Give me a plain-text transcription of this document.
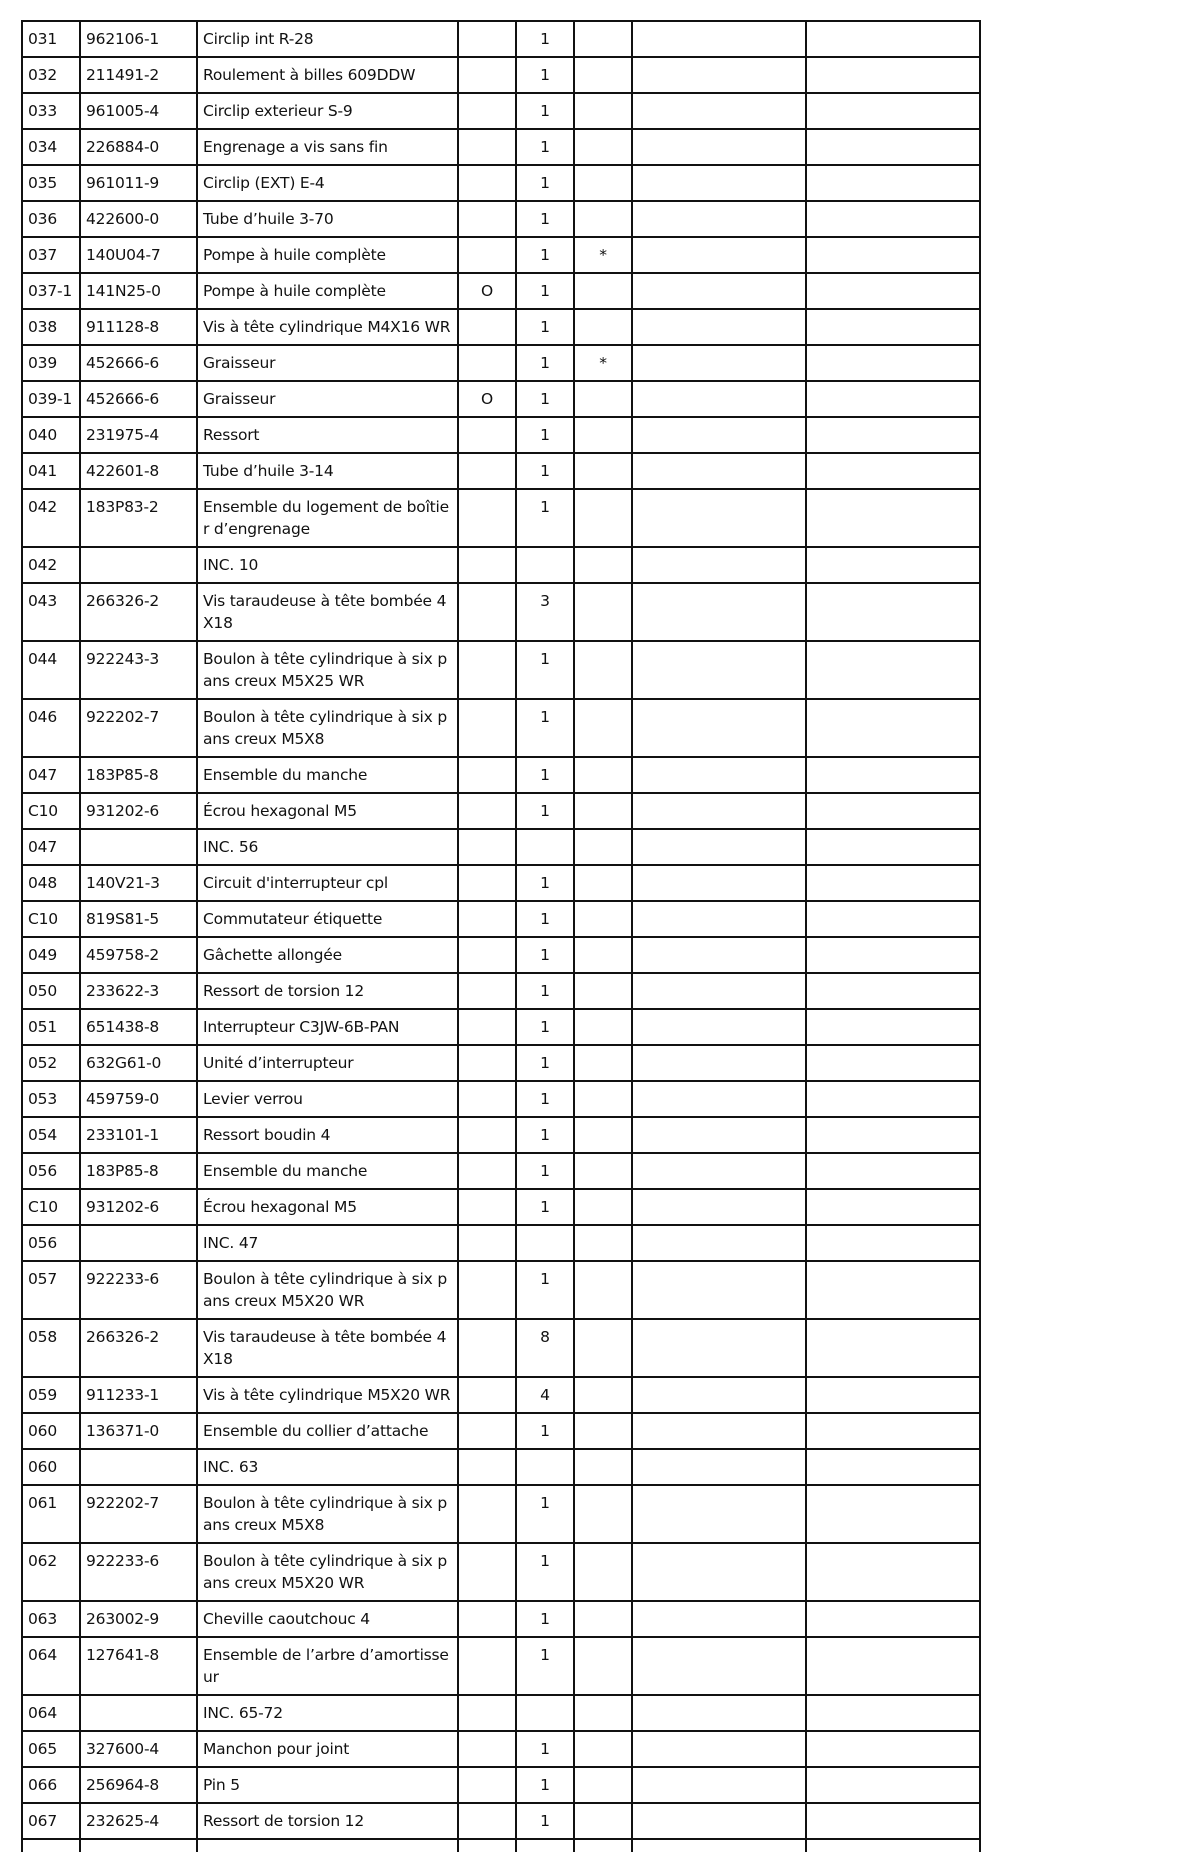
031	962106-1	Circlip int R-28		1			
032	211491-2	Roulement à billes 609DDW		1			
033	961005-4	Circlip exterieur S-9		1			
034	226884-0	Engrenage a vis sans fin		1			
035	961011-9	Circlip (EXT) E-4		1			
036	422600-0	Tube d’huile 3-70		1			
037	140U04-7	Pompe à huile complète		1	*		
037-1	141N25-0	Pompe à huile complète	O	1			
038	911128-8	Vis à tête cylindrique M4X16 WR		1			
039	452666-6	Graisseur		1	*		
039-1	452666-6	Graisseur	O	1			
040	231975-4	Ressort		1			
041	422601-8	Tube d’huile 3-14		1			
042	183P83-2	Ensemble du logement de boîtier d’engrenage		1			
042		INC. 10					
043	266326-2	Vis taraudeuse à tête bombée 4X18		3			
044	922243-3	Boulon à tête cylindrique à six pans creux M5X25 WR		1			
046	922202-7	Boulon à tête cylindrique à six pans creux M5X8		1			
047	183P85-8	Ensemble du manche		1			
C10	931202-6	Écrou hexagonal M5		1			
047		INC. 56					
048	140V21-3	Circuit d'interrupteur cpl		1			
C10	819S81-5	Commutateur étiquette		1			
049	459758-2	Gâchette allongée		1			
050	233622-3	Ressort de torsion 12		1			
051	651438-8	Interrupteur C3JW-6B-PAN		1			
052	632G61-0	Unité d’interrupteur		1			
053	459759-0	Levier verrou		1			
054	233101-1	Ressort boudin 4		1			
056	183P85-8	Ensemble du manche		1			
C10	931202-6	Écrou hexagonal M5		1			
056		INC. 47					
057	922233-6	Boulon à tête cylindrique à six pans creux M5X20 WR		1			
058	266326-2	Vis taraudeuse à tête bombée 4X18		8			
059	911233-1	Vis à tête cylindrique M5X20 WR		4			
060	136371-0	Ensemble du collier d’attache		1			
060		INC. 63					
061	922202-7	Boulon à tête cylindrique à six pans creux M5X8		1			
062	922233-6	Boulon à tête cylindrique à six pans creux M5X20 WR		1			
063	263002-9	Cheville caoutchouc 4		1			
064	127641-8	Ensemble de l’arbre d’amortisseur		1			
064		INC. 65-72					
065	327600-4	Manchon pour joint		1			
066	256964-8	Pin 5		1			
067	232625-4	Ressort de torsion 12		1			
